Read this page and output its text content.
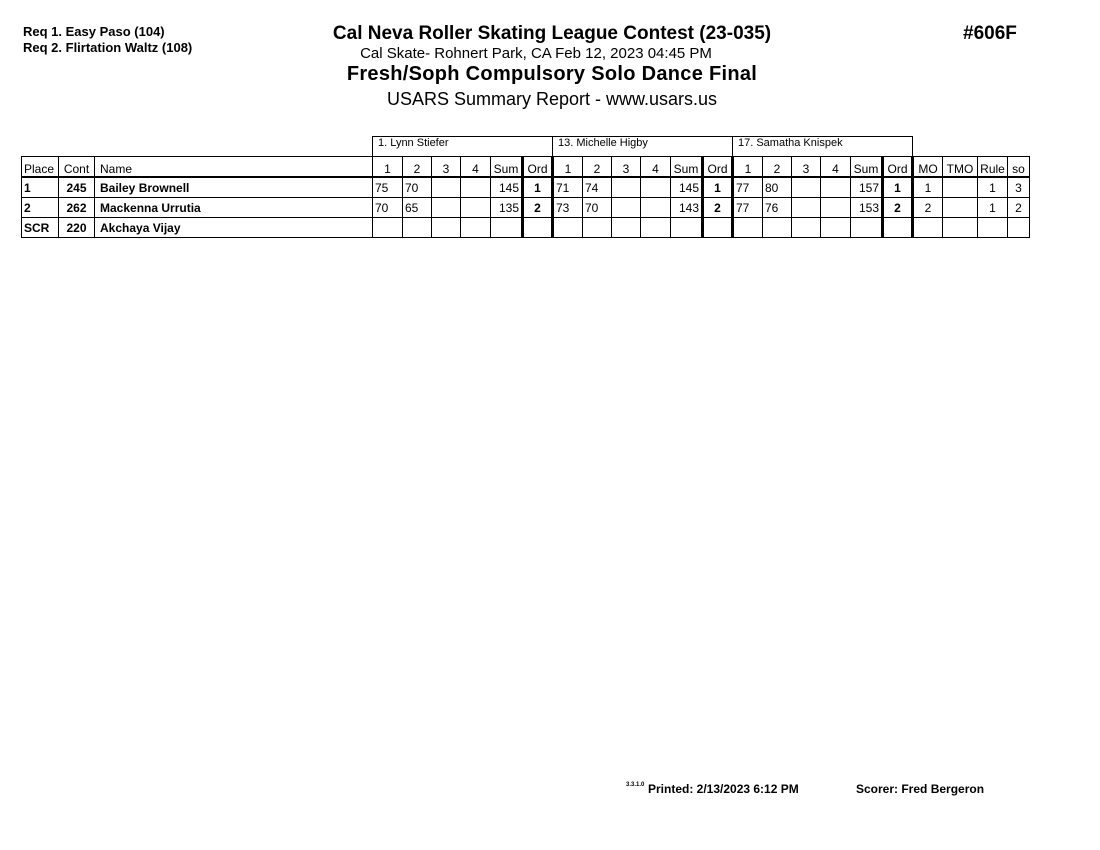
Req 1. Easy Paso (104)
Req 2. Flirtation Waltz (108)
Cal Neva Roller Skating League Contest (23-035)
Cal Skate- Rohnert Park, CA Feb 12, 2023 04:45 PM
Fresh/Soph Compulsory Solo Dance Final
USARS Summary Report - www.usars.us
#606F
			1. Lynn Stiefer						13. Michelle Higby						17. Samatha Knispek									
Place	Cont	Name	1	2	3	4	Sum	Ord	1	2	3	4	Sum	Ord	1	2	3	4	Sum	Ord	MO	TMO	Rule	so
1	245	Bailey Brownell	75	70			145	1	71	74			145	1	77	80			157	1	1		1	3
2	262	Mackenna Urrutia	70	65			135	2	73	70			143	2	77	76			153	2	2		1	2
SCR	220	Akchaya Vijay																						
3.3.1.0 Printed: 2/13/2023 6:12 PM	Scorer: Fred Bergeron
